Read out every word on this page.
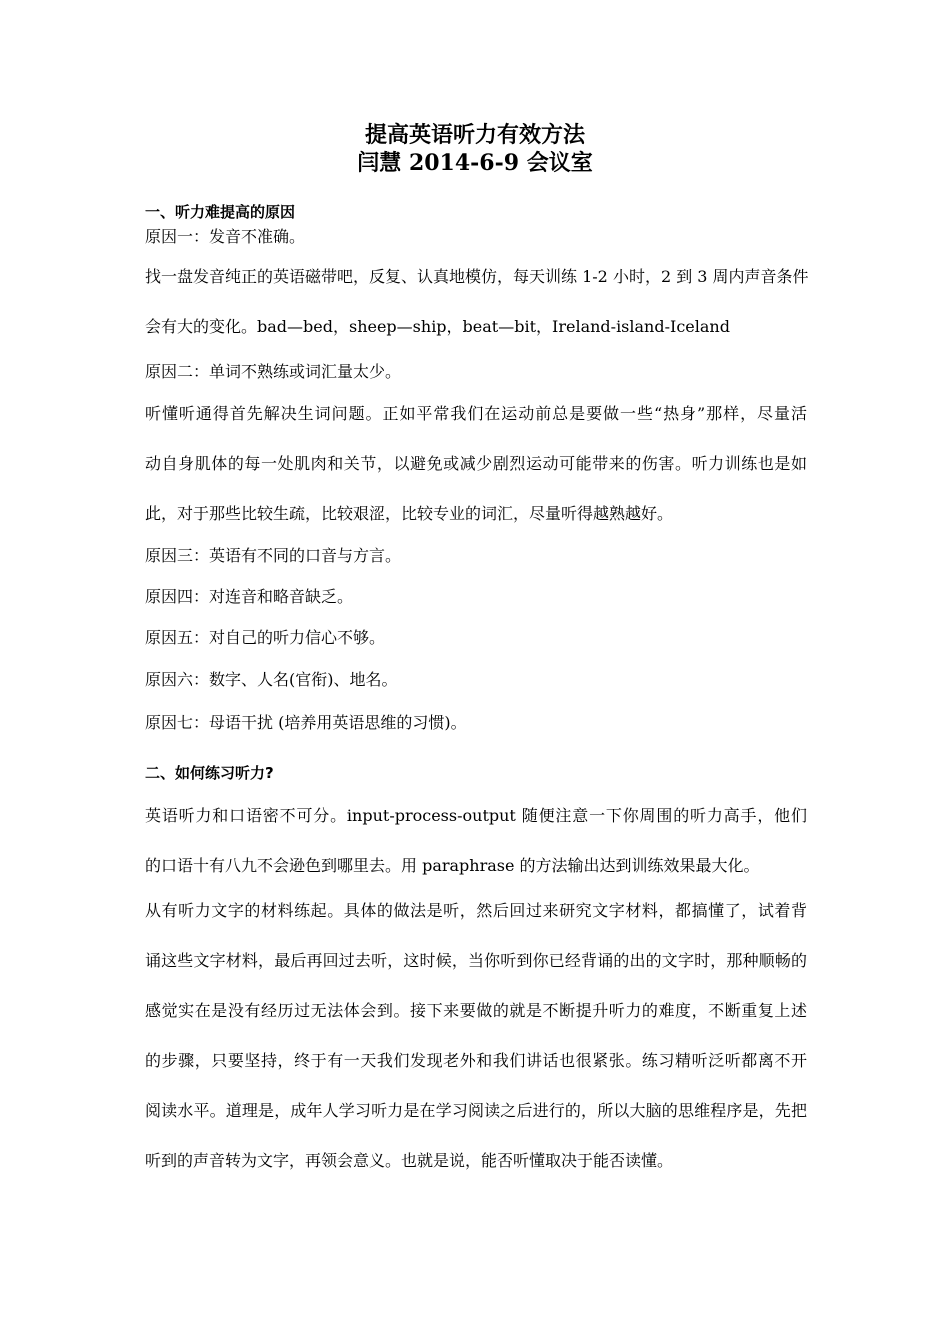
提高英语听力有效方法
闫慧 2014-6-9 会议室
一、听力难提高的原因
原因一：发音不准确。
找一盘发音纯正的英语磁带吧，反复、认真地模仿，每天训练 1-2 小时，2 到 3 周内声音条件
会有大的变化。bad—bed，sheep—ship，beat—bit，Ireland-island-Iceland
原因二：单词不熟练或词汇量太少。
听懂听通得首先解决生词问题。正如平常我们在运动前总是要做一些“热身”那样，尽量活
动自身肌体的每一处肌肉和关节，以避免或减少剧烈运动可能带来的伤害。听力训练也是如
此，对于那些比较生疏，比较艰涩，比较专业的词汇，尽量听得越熟越好。
原因三：英语有不同的口音与方言。
原因四：对连音和略音缺乏。
原因五：对自己的听力信心不够。
原因六：数字、人名(官衔)、地名。
原因七：母语干扰 (培养用英语思维的习惯)。
二、如何练习听力?
英语听力和口语密不可分。input-process-output 随便注意一下你周围的听力高手，他们
的口语十有八九不会逊色到哪里去。用 paraphrase 的方法输出达到训练效果最大化。
从有听力文字的材料练起。具体的做法是听，然后回过来研究文字材料，都搞懂了，试着背
诵这些文字材料，最后再回过去听，这时候，当你听到你已经背诵的出的文字时，那种顺畅的
感觉实在是没有经历过无法体会到。接下来要做的就是不断提升听力的难度，不断重复上述
的步骤，只要坚持，终于有一天我们发现老外和我们讲话也很紧张。练习精听泛听都离不开
阅读水平。道理是，成年人学习听力是在学习阅读之后进行的，所以大脑的思维程序是，先把
听到的声音转为文字，再领会意义。也就是说，能否听懂取决于能否读懂。
